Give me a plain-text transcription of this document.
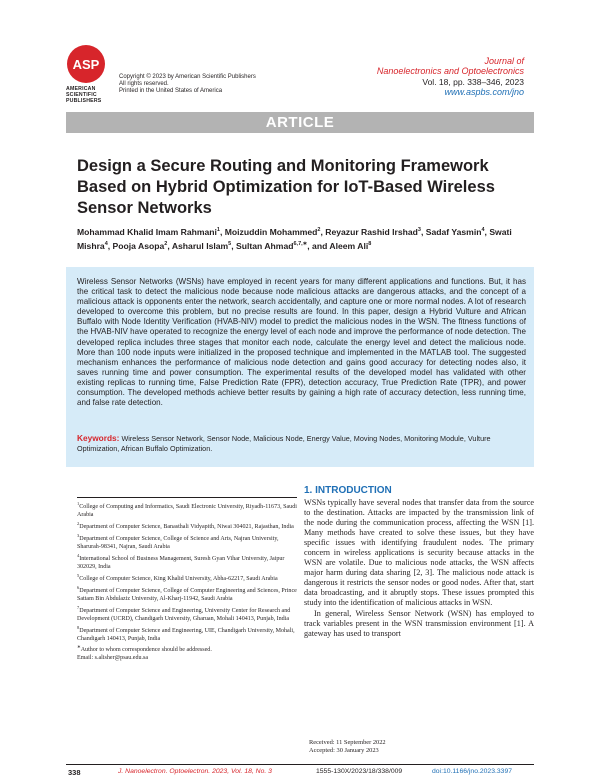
ASP
AMERICAN
SCIENTIFIC
PUBLISHERS
Copyright © 2023 by American Scientific Publishers
All rights reserved.
Printed in the United States of America
Journal of
Nanoelectronics and Optoelectronics
Vol. 18, pp. 338–346, 2023
www.aspbs.com/jno
ARTICLE
Design a Secure Routing and Monitoring Framework Based on Hybrid Optimization for IoT-Based Wireless Sensor Networks
Mohammad Khalid Imam Rahmani$^1$, Moizuddin Mohammed$^2$, Reyazur Rashid Irshad$^3$, Sadaf Yasmin$^4$, Swati Mishra$^4$, Pooja Asopa$^2$, Asharul Islam$^5$, Sultan Ahmad$^{6,7,∗}$, and Aleem Ali$^8$
Wireless Sensor Networks (WSNs) have employed in recent years for many different applications and functions. But, it has the critical task to detect the malicious node because node malicious attacks are dangerous attacks, and the concept of a malicious attack is opponents enter the network, search accidentally, and capture one or more normal nodes. A lot of research developed to overcome this problem, but no precise results are found. In this paper, design a Hybrid Vulture and African Buffalo with Node Identity Verification (HVAB-NIV) model to predict the malicious nodes in the WSN. The fitness functions of the HVAB-NIV have operated to recognize the energy level of each node and improve the performance of node detection. The developed replica includes three stages that monitor each node, calculate the energy level and detect the malicious node. More than 100 node inputs were initialized in the proposed technique and implemented in the MATLAB tool. The suggested mechanism enhances the performance of malicious node detection and gains good accuracy for detecting nodes also, it saves running time and power consumption. The experimental results of the developed model has validated with other existing replicas to running time, False Prediction Rate (FPR), detection accuracy, True Prediction Rate (TPR), and power consumption. The developed methods achieve better results by gaining a high rate of accuracy detection, less running time, and false rate detection.
Keywords: Wireless Sensor Network, Sensor Node, Malicious Node, Energy Value, Moving Nodes, Monitoring Module, Vulture Optimization, African Buffalo Optimization.

$^1$College of Computing and Informatics, Saudi Electronic University, Riyadh-11673, Saudi Arabia

$^2$Department of Computer Science, Banasthali Vidyapith, Niwai 304021, Rajasthan, India

$^3$Department of Computer Science, College of Science and Arts, Najran University, Sharurah-98341, Najran, Saudi Arabia

$^4$International School of Business Management, Suresh Gyan Vihar University, Jaipur 302029, India

$^5$College of Computer Science, King Khalid University, Abha-62217, Saudi Arabia

$^6$Department of Computer Science, College of Computer Engineering and Sciences, Prince Sattam Bin Abdulaziz University, Al-Kharj-11942, Saudi Arabia

$^7$Department of Computer Science and Engineering, University Center for Research and Development (UCRD), Chandigarh University, Gharuan, Mohali 140413, Punjab, India

$^8$Department of Computer Science and Engineering, UIE, Chandigarh University, Mohali, Chandigarh 140413, Punjab, India

∗Author to whom correspondence should be addressed.

Email: s.alisher@psau.edu.sa

1. INTRODUCTION

WSNs typically have several nodes that transfer data from the source to the destination. Attacks are impacted by the transmission link of the node during the communication process, affecting the WSN [1]. Many methods have created to solve these issues, but they have specific issues with identifying fraudulent nodes. The primary concern in wireless applications is security because attacks in the WSN are volatile. Due to malicious node attacks, the WSN affects major harm during data sharing [2, 3]. The malicious node attack is dangerous it restricts the sensor nodes or good nodes. After that, start data broadcasting, and it abruptly stops. These issues prompted this study into the identification of malicious attacks in WSN.

In general, Wireless Sensor Network (WSN) has employed to track variables present in the WSN transmission environment [1]. A gateway has used to transport

Received: 11 September 2022
Accepted: 30 January 2023
338	J. Nanoelectron. Optoelectron. 2023, Vol. 18, No. 3	1555-130X/2023/18/338/009	doi:10.1166/jno.2023.3397
